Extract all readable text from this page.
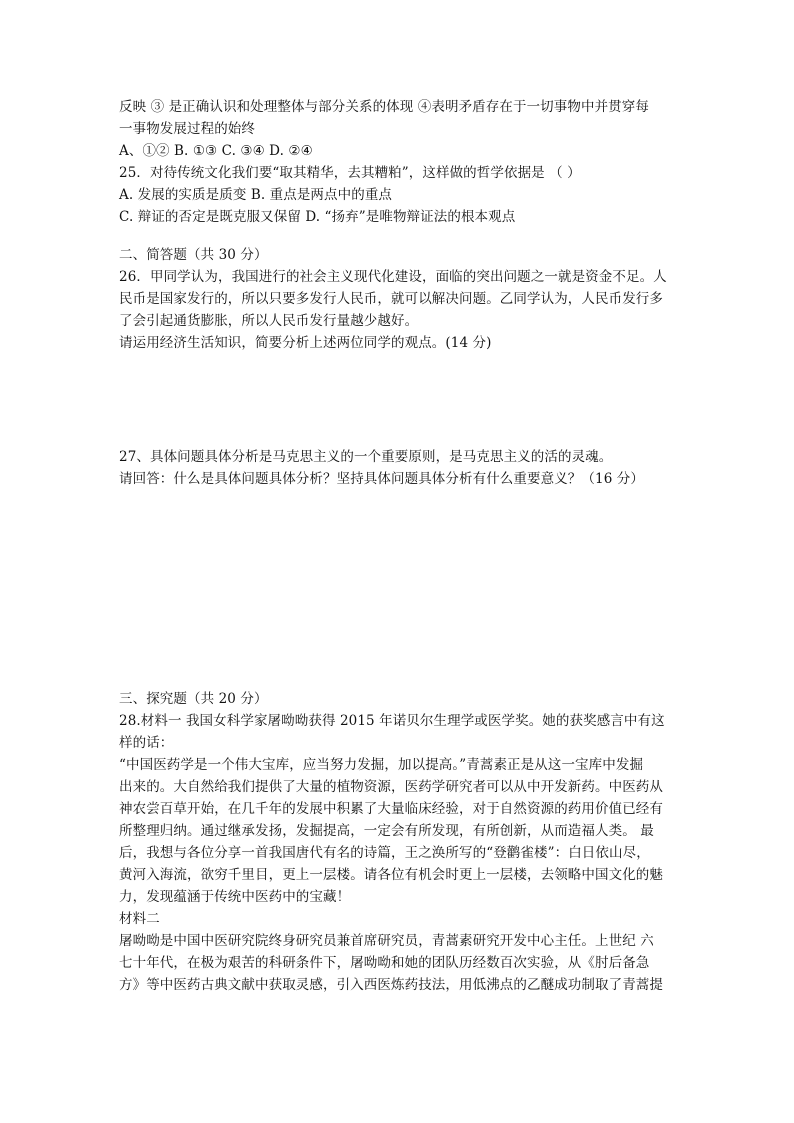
反映 ③ 是正确认识和处理整体与部分关系的体现 ④表明矛盾存在于一切事物中并贯穿每
一事物发展过程的始终
A、①② B. ①③ C. ③④ D. ②④
25．对待传统文化我们要“取其精华，去其糟粕”，这样做的哲学依据是 （ ）
A. 发展的实质是质变 B. 重点是两点中的重点
C. 辩证的否定是既克服又保留 D. “扬弃”是唯物辩证法的根本观点
二、简答题（共 30 分）
26．甲同学认为，我国进行的社会主义现代化建设，面临的突出问题之一就是资金不足。人
民币是国家发行的，所以只要多发行人民币，就可以解决问题。乙同学认为，人民币发行多
了会引起通货膨胀，所以人民币发行量越少越好。
请运用经济生活知识，简要分析上述两位同学的观点。(14 分)
27、具体问题具体分析是马克思主义的一个重要原则，是马克思主义的活的灵魂。
请回答：什么是具体问题具体分析？坚持具体问题具体分析有什么重要意义？（16 分）
三、探究题（共 20 分）
28.材料一 我国女科学家屠呦呦获得 2015 年诺贝尔生理学或医学奖。她的获奖感言中有这
样的话：
“中国医药学是一个伟大宝库，应当努力发掘，加以提高。”青蒿素正是从这一宝库中发掘
出来的。大自然给我们提供了大量的植物资源，医药学研究者可以从中开发新药。中医药从
神农尝百草开始，在几千年的发展中积累了大量临床经验，对于自然资源的药用价值已经有
所整理归纳。通过继承发扬，发掘提高，一定会有所发现，有所创新，从而造福人类。 最
后，我想与各位分享一首我国唐代有名的诗篇，王之涣所写的“登鹳雀楼”：白日依山尽，
黄河入海流，欲穷千里目，更上一层楼。请各位有机会时更上一层楼，去领略中国文化的魅
力，发现蕴涵于传统中医药中的宝藏！
材料二
屠呦呦是中国中医研究院终身研究员兼首席研究员，青蒿素研究开发中心主任。上世纪 六
七十年代，在极为艰苦的科研条件下，屠呦呦和她的团队历经数百次实验，从《肘后备急
方》等中医药古典文献中获取灵感，引入西医炼药技法，用低沸点的乙醚成功制取了青蒿提
